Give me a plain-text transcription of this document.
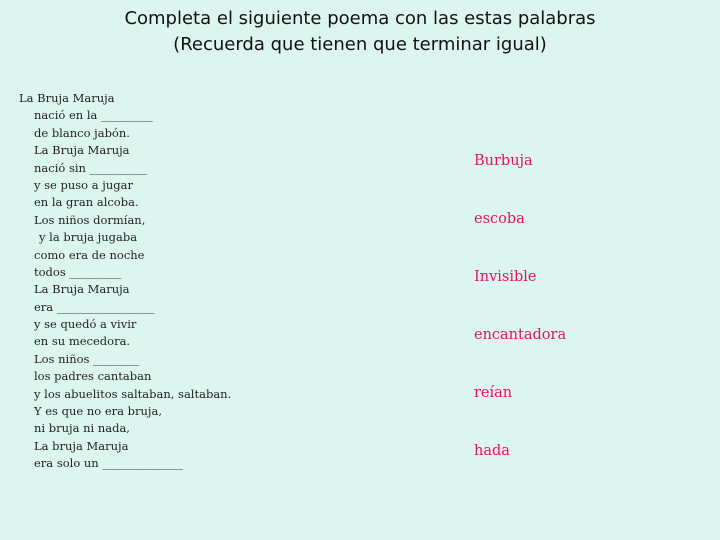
Completa el siguiente poema con las estas palabras
(Recuerda que tienen que terminar igual)
La Bruja Maruja
nació en la _________
de blanco jabón.
La Bruja Maruja
nació sin __________
y se puso a jugar
en la gran alcoba.
Los niños dormían,
y la bruja jugaba
como era de noche
todos _________
La Bruja Maruja
era _________________
y se quedó a vivir
en su mecedora.
Los niños ________
los padres cantaban
y los abuelitos saltaban, saltaban.
Y es que no era bruja,
ni bruja ni nada,
La bruja Maruja
era solo un ______________
Burbuja
escoba
Invisible
encantadora
reían
hada
